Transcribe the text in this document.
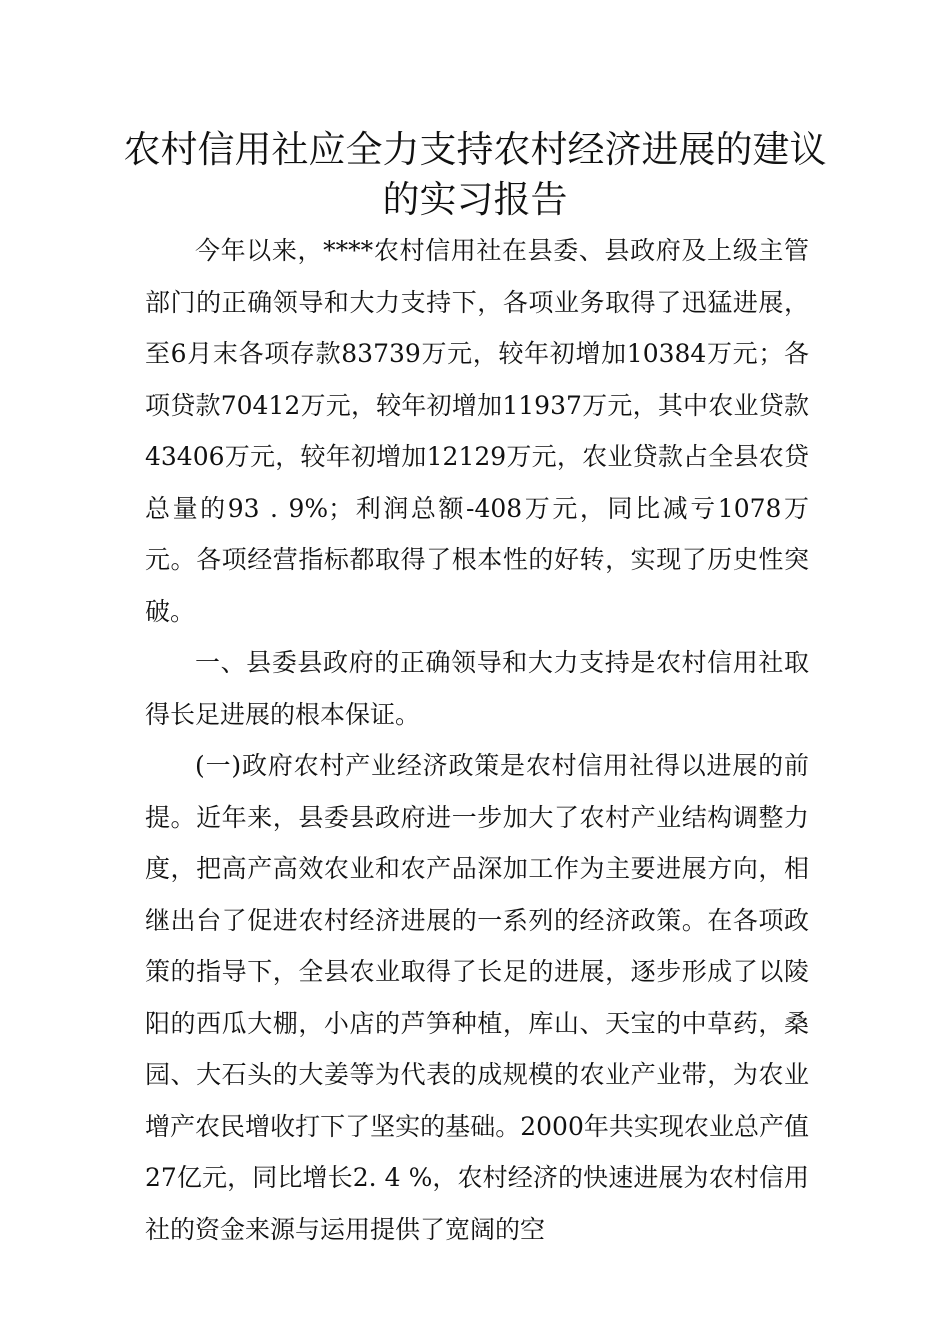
农村信用社应全力支持农村经济进展的建议的实习报告

今年以来，****农村信用社在县委、县政府及上级主管部门的正确领导和大力支持下，各项业务取得了迅猛进展，至6月末各项存款83739万元，较年初增加10384万元；各项贷款70412万元，较年初增加11937万元，其中农业贷款43406万元，较年初增加12129万元，农业贷款占全县农贷总量的93 . 9%；利润总额-408万元，同比减亏1078万元。各项经营指标都取得了根本性的好转，实现了历史性突破。

一、县委县政府的正确领导和大力支持是农村信用社取得长足进展的根本保证。

(一)政府农村产业经济政策是农村信用社得以进展的前提。近年来，县委县政府进一步加大了农村产业结构调整力度，把高产高效农业和农产品深加工作为主要进展方向，相继出台了促进农村经济进展的一系列的经济政策。在各项政策的指导下，全县农业取得了长足的进展，逐步形成了以陵阳的西瓜大棚，小店的芦笋种植，库山、天宝的中草药，桑园、大石头的大姜等为代表的成规模的农业产业带，为农业增产农民增收打下了坚实的基础。2000年共实现农业总产值27亿元，同比增长2. 4 %，农村经济的快速进展为农村信用社的资金来源与运用提供了宽阔的空
